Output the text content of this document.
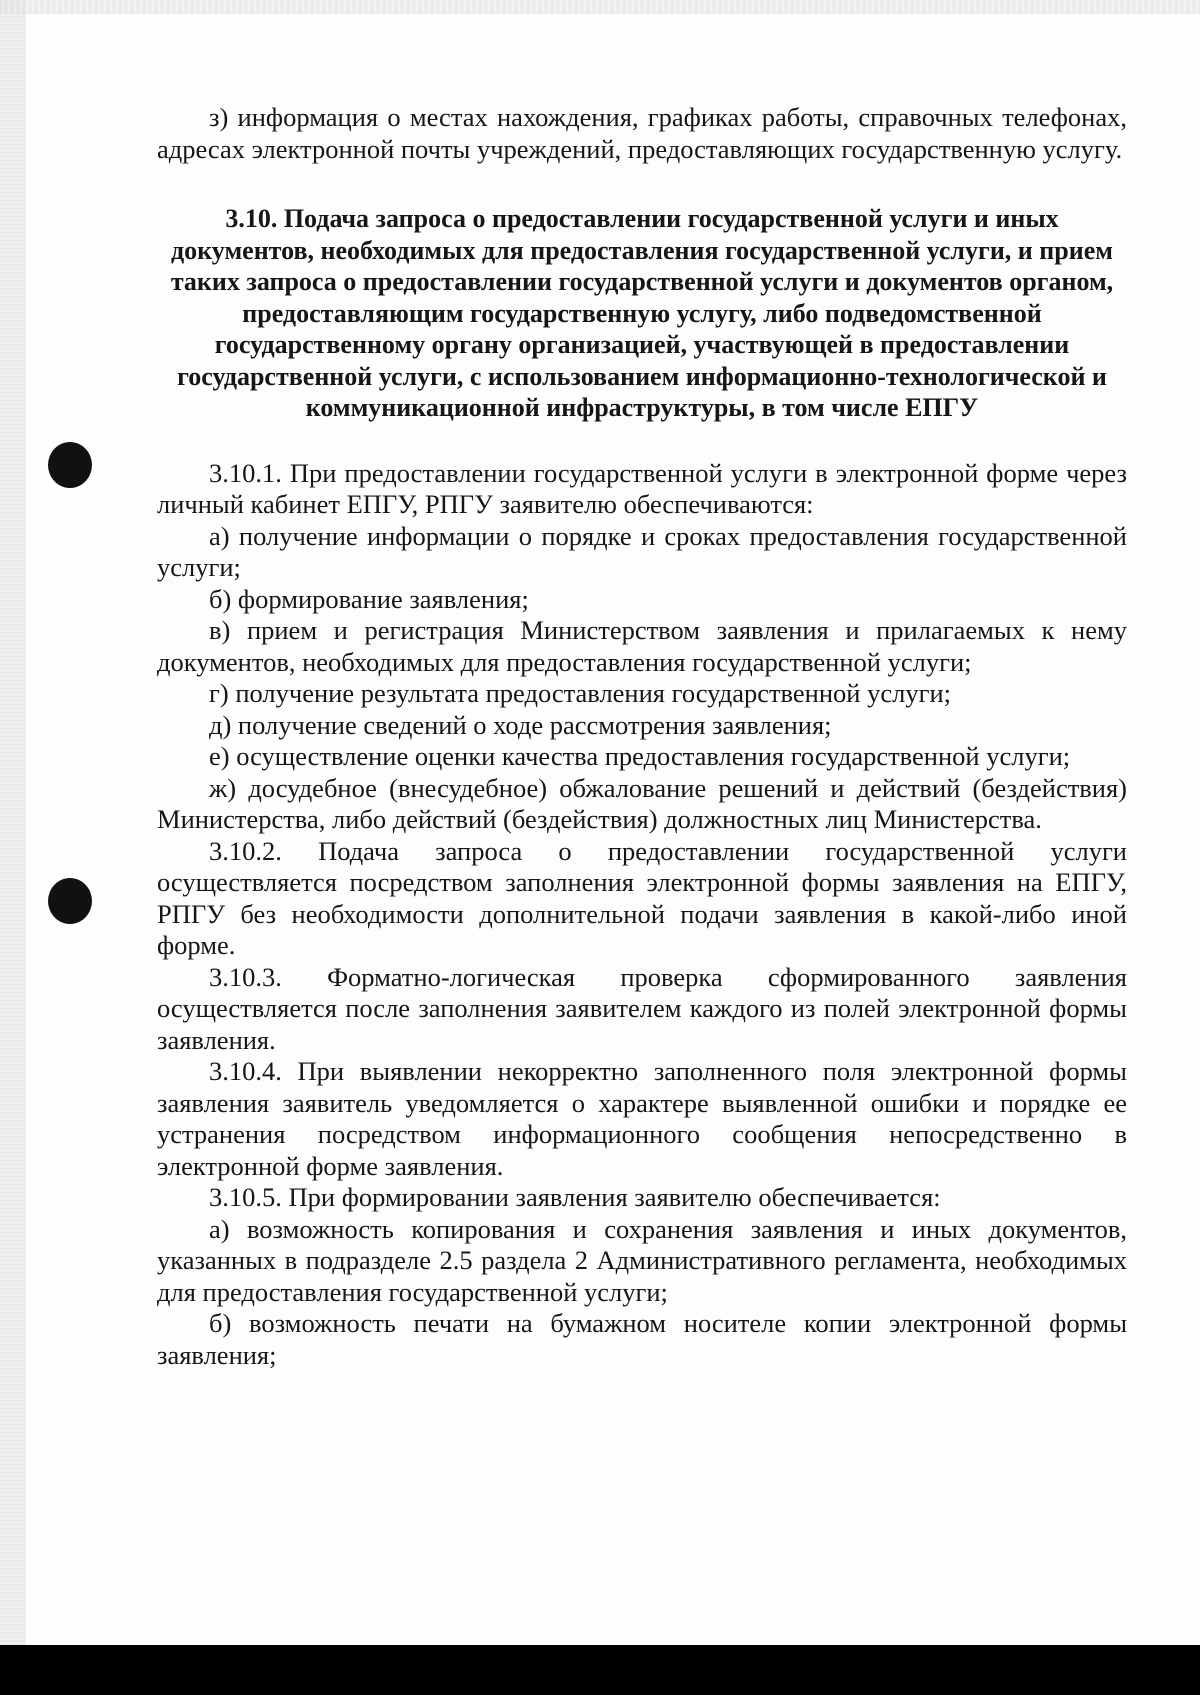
з) информация о местах нахождения, графиках работы, справочных телефонах, адресах электронной почты учреждений, предоставляющих государственную услугу.

3.10. Подача запроса о предоставлении государственной услуги и иных документов, необходимых для предоставления государственной услуги, и прием таких запроса о предоставлении государственной услуги и документов органом, предоставляющим государственную услугу, либо подведомственной государственному органу организацией, участвующей в предоставлении государственной услуги, с использованием информационно-технологической и коммуникационной инфраструктуры, в том числе ЕПГУ

3.10.1. При предоставлении государственной услуги в электронной форме через личный кабинет ЕПГУ, РПГУ заявителю обеспечиваются:

а) получение информации о порядке и сроках предоставления государственной услуги;

б) формирование заявления;

в) прием и регистрация Министерством заявления и прилагаемых к нему документов, необходимых для предоставления государственной услуги;

г) получение результата предоставления государственной услуги;

д) получение сведений о ходе рассмотрения заявления;

е) осуществление оценки качества предоставления государственной услуги;

ж) досудебное (внесудебное) обжалование решений и действий (бездействия) Министерства, либо действий (бездействия) должностных лиц Министерства.

3.10.2. Подача запроса о предоставлении государственной услуги осуществляется посредством заполнения электронной формы заявления на ЕПГУ, РПГУ без необходимости дополнительной подачи заявления в какой-либо иной форме.

3.10.3. Форматно-логическая проверка сформированного заявления осуществляется после заполнения заявителем каждого из полей электронной формы заявления.

3.10.4. При выявлении некорректно заполненного поля электронной формы заявления заявитель уведомляется о характере выявленной ошибки и порядке ее устранения посредством информационного сообщения непосредственно в электронной форме заявления.

3.10.5. При формировании заявления заявителю обеспечивается:

а) возможность копирования и сохранения заявления и иных документов, указанных в подразделе 2.5 раздела 2 Административного регламента, необходимых для предоставления государственной услуги;

б) возможность печати на бумажном носителе копии электронной формы заявления;
